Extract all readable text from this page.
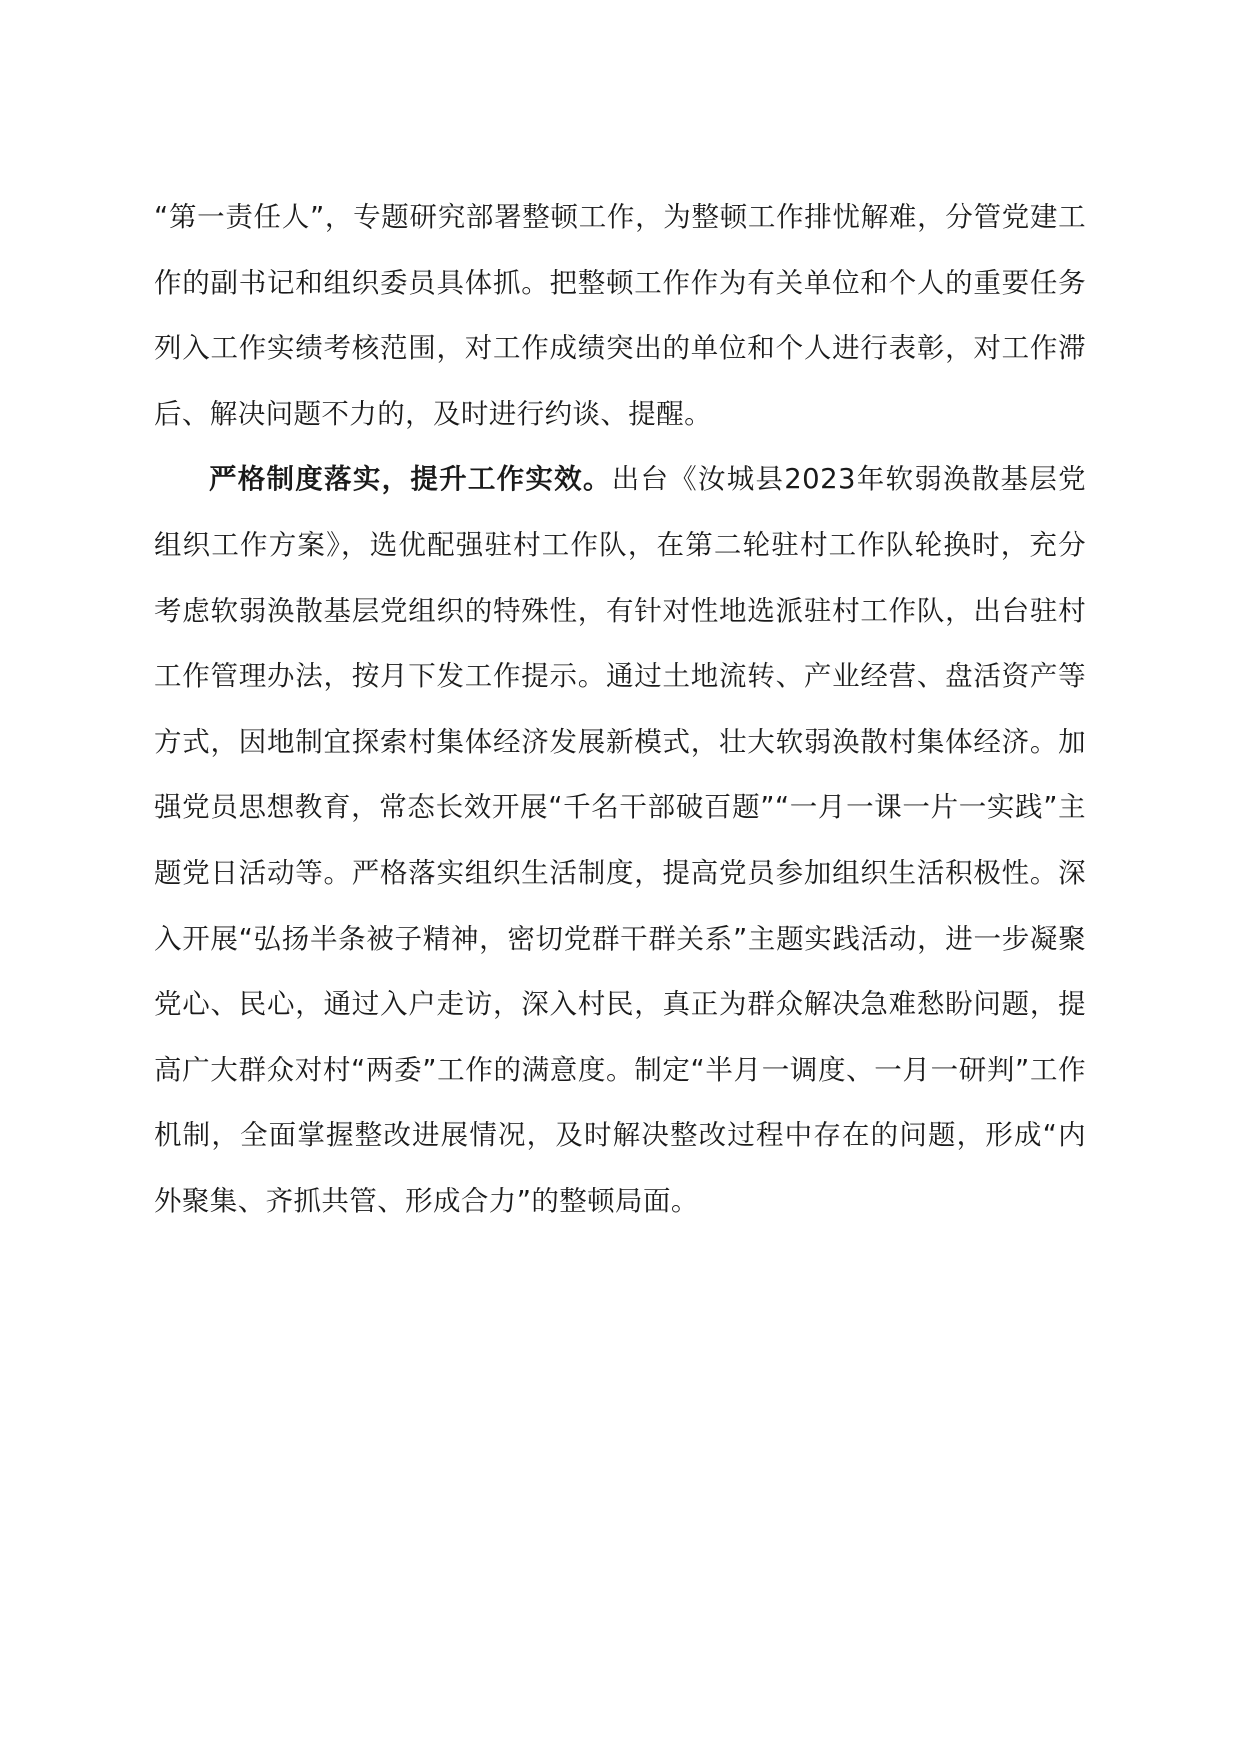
“第一责任人”，专题研究部署整顿工作，为整顿工作排忧解难，分管党建工作的副书记和组织委员具体抓。把整顿工作作为有关单位和个人的重要任务列入工作实绩考核范围，对工作成绩突出的单位和个人进行表彰，对工作滞后、解决问题不力的，及时进行约谈、提醒。

严格制度落实，提升工作实效。出台《汝城县2023年软弱涣散基层党组织工作方案》，选优配强驻村工作队，在第二轮驻村工作队轮换时，充分考虑软弱涣散基层党组织的特殊性，有针对性地选派驻村工作队，出台驻村工作管理办法，按月下发工作提示。通过土地流转、产业经营、盘活资产等方式，因地制宜探索村集体经济发展新模式，壮大软弱涣散村集体经济。加强党员思想教育，常态长效开展“千名干部破百题”“一月一课一片一实践”主题党日活动等。严格落实组织生活制度，提高党员参加组织生活积极性。深入开展“弘扬半条被子精神，密切党群干群关系”主题实践活动，进一步凝聚党心、民心，通过入户走访，深入村民，真正为群众解决急难愁盼问题，提高广大群众对村“两委”工作的满意度。制定“半月一调度、一月一研判”工作机制，全面掌握整改进展情况，及时解决整改过程中存在的问题，形成“内外聚集、齐抓共管、形成合力”的整顿局面。
